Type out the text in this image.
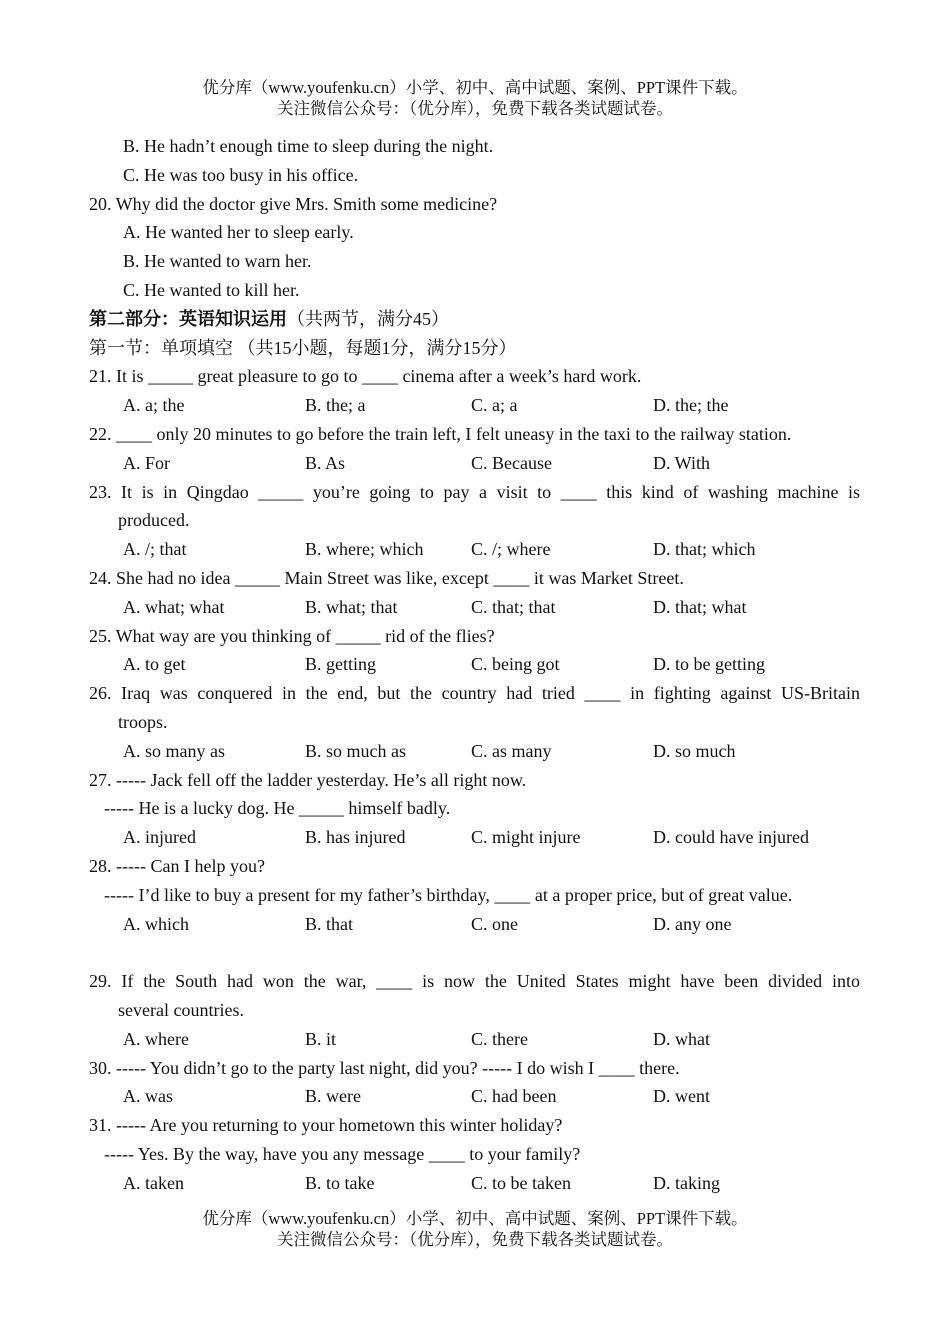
优分库（www.youfenku.cn）小学、初中、高中试题、案例、PPT课件下载。
关注微信公众号：（优分库），免费下载各类试题试卷。
B. He hadn’t enough time to sleep during the night.
C. He was too busy in his office.
20. Why did the doctor give Mrs. Smith some medicine?
A. He wanted her to sleep early.
B. He wanted to warn her.
C. He wanted to kill her.
第二部分：英语知识运用（共两节，满分45）
第一节：单项填空 （共15小题，每题1分，满分15分）
21. It is _____ great pleasure to go to ____ cinema after a week’s hard work.
A. a; the	B. the; a	C. a; a	D. the; the
22. ____ only 20 minutes to go before the train left, I felt uneasy in the taxi to the railway station.
A. For	B. As	C. Because	D. With
23. It is in Qingdao _____ you’re going to pay a visit to ____ this kind of washing machine is
produced.
A. /; that	B. where; which	C. /; where	D. that; which
24. She had no idea _____ Main Street was like, except ____ it was Market Street.
A. what; what	B. what; that	C. that; that	D. that; what
25. What way are you thinking of _____ rid of the flies?
A. to get	B. getting	C. being got	D. to be getting
26. Iraq was conquered in the end, but the country had tried ____ in fighting against US-Britain
troops.
A. so many as	B. so much as	C. as many	D. so much
27. ----- Jack fell off the ladder yesterday. He’s all right now.
----- He is a lucky dog. He _____ himself badly.
A. injured	B. has injured	C. might injure	D. could have injured
28. ----- Can I help you?
----- I’d like to buy a present for my father’s birthday, ____ at a proper price, but of great value.
A. which	B. that	C. one	D. any one
29. If the South had won the war, ____ is now the United States might have been divided into
several countries.
A. where	B. it	C. there	D. what
30. ----- You didn’t go to the party last night, did you? ----- I do wish I ____ there.
A. was	B. were	C. had been	D. went
31. ----- Are you returning to your hometown this winter holiday?
----- Yes. By the way, have you any message ____ to your family?
A. taken	B. to take	C. to be taken	D. taking
优分库（www.youfenku.cn）小学、初中、高中试题、案例、PPT课件下载。
关注微信公众号：（优分库），免费下载各类试题试卷。
